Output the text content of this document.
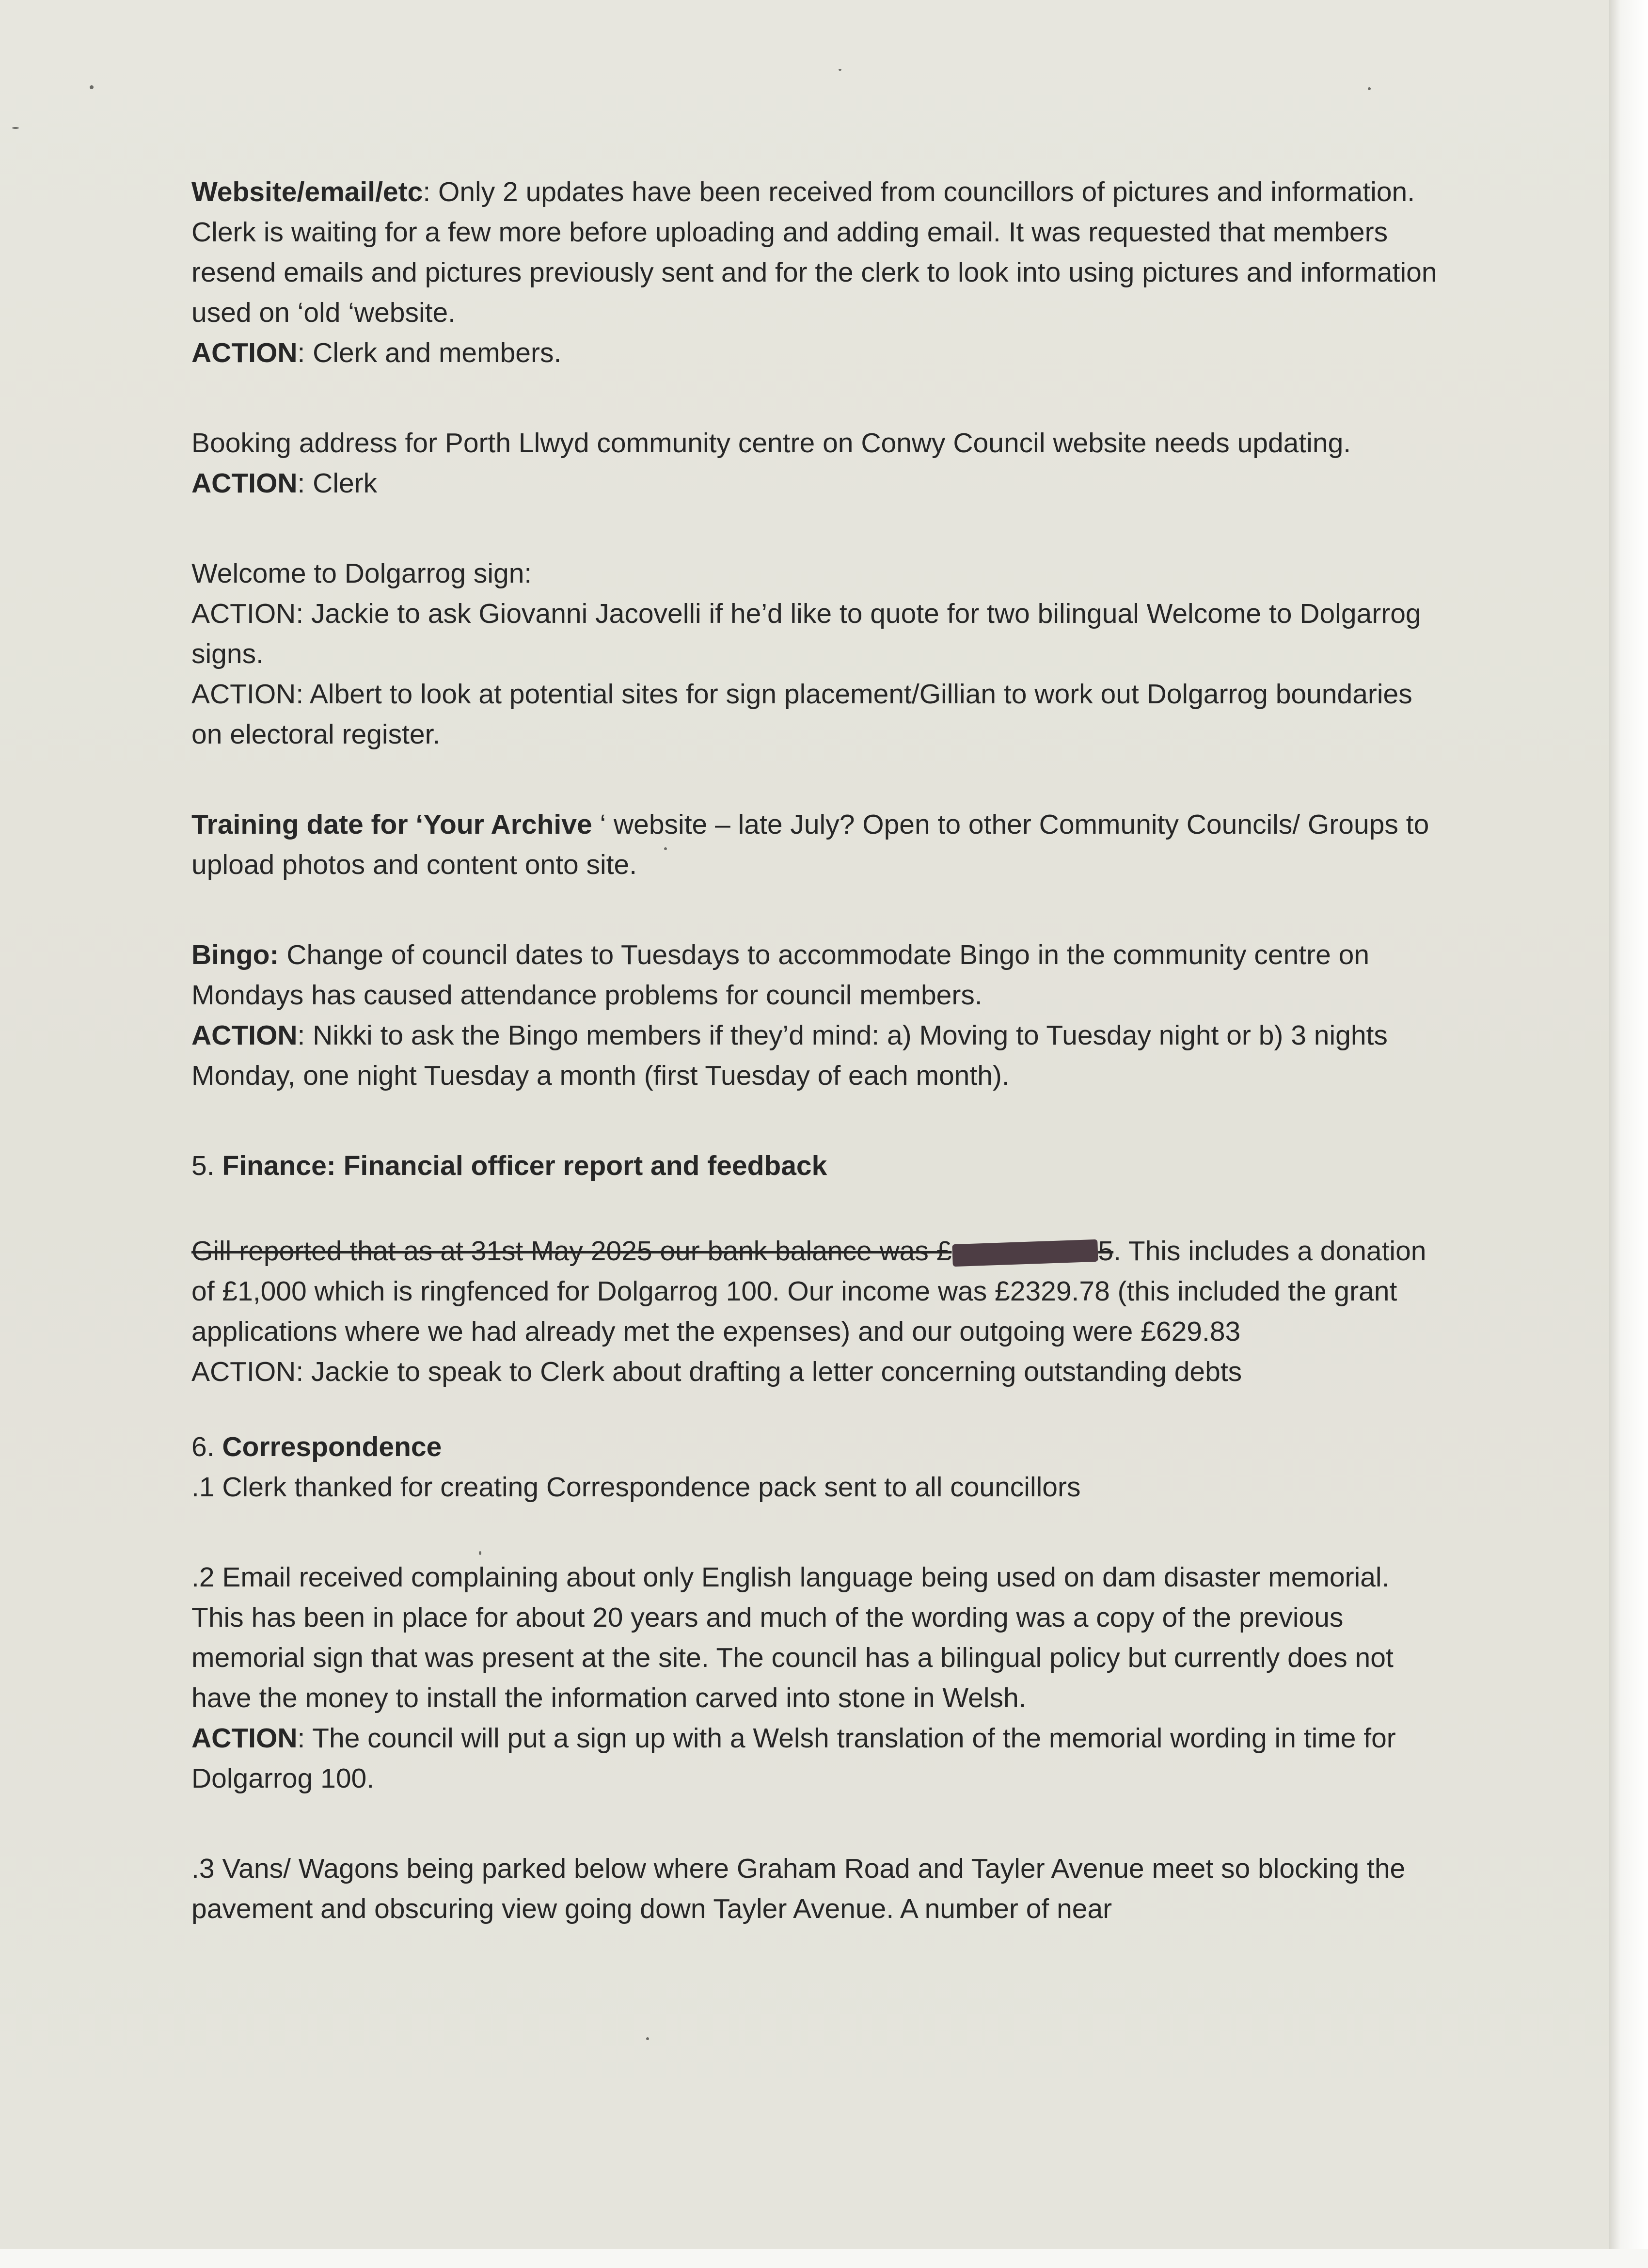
Website/email/etc: Only 2 updates have been received from councillors of pictures and information. Clerk is waiting for a few more before uploading and adding email. It was requested that members resend emails and pictures previously sent and for the clerk to look into using pictures and information used on ‘old ‘website.

ACTION: Clerk and members.

Booking address for Porth Llwyd community centre on Conwy Council website needs updating.

ACTION: Clerk

Welcome to Dolgarrog sign:

ACTION: Jackie to ask Giovanni Jacovelli if he’d like to quote for two bilingual Welcome to Dolgarrog signs.

ACTION: Albert to look at potential sites for sign placement/Gillian to work out Dolgarrog boundaries on electoral register.

Training date for ‘Your Archive ‘ website – late July? Open to other Community Councils/ Groups to upload photos and content onto site.

Bingo: Change of council dates to Tuesdays to accommodate Bingo in the community centre on Mondays has caused attendance problems for council members.

ACTION: Nikki to ask the Bingo members if they’d mind: a) Moving to Tuesday night or b) 3 nights Monday, one night Tuesday a month (first Tuesday of each month).

5. Finance: Financial officer report and feedback

Gill reported that as at 31st May 2025 our bank balance was £	5. This includes a donation of £1,000 which is ringfenced for Dolgarrog 100. Our income was £2329.78 (this included the grant applications where we had already met the expenses) and our outgoing were £629.83

ACTION: Jackie to speak to Clerk about drafting a letter concerning outstanding debts

6. Correspondence

.1 Clerk thanked for creating Correspondence pack sent to all councillors

.2 Email received complaining about only English language being used on dam disaster memorial. This has been in place for about 20 years and much of the wording was a copy of the previous memorial sign that was present at the site. The council has a bilingual policy but currently does not have the money to install the information carved into stone in Welsh.

ACTION: The council will put a sign up with a Welsh translation of the memorial wording in time for Dolgarrog 100.

.3 Vans/ Wagons being parked below where Graham Road and Tayler Avenue meet so blocking the pavement and obscuring view going down Tayler Avenue. A number of near
